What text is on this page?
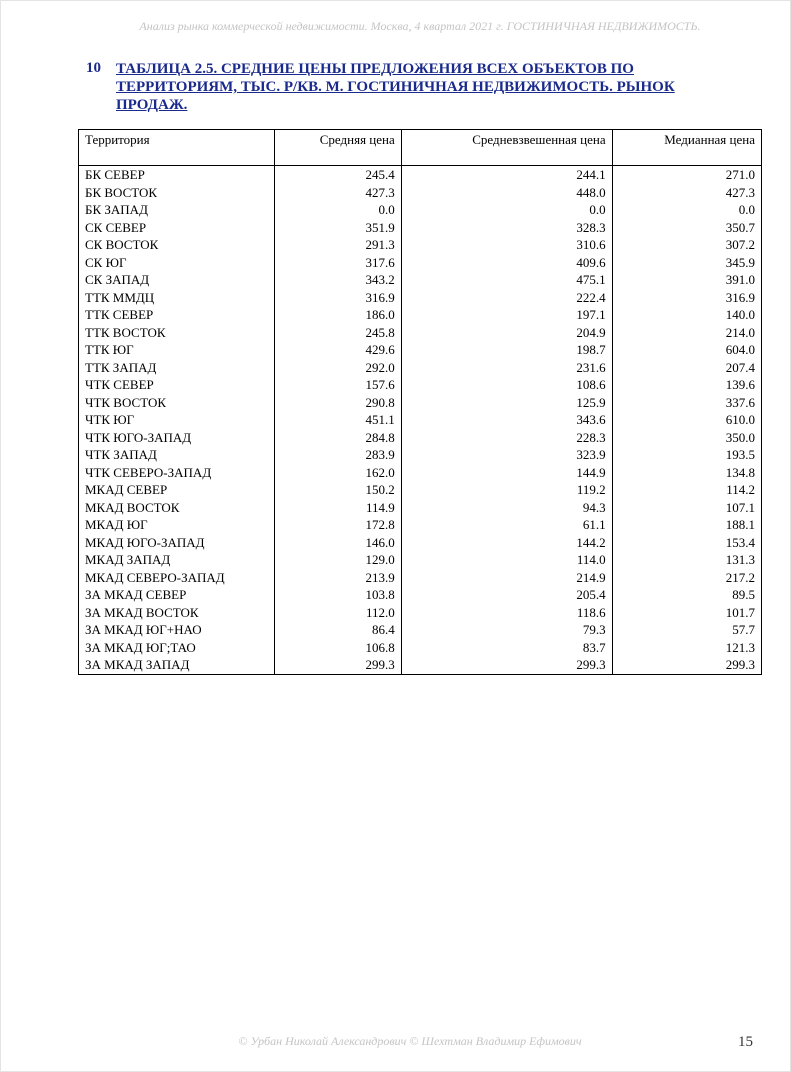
Анализ рынка коммерческой недвижимости. Москва, 4 квартал 2021 г. ГОСТИНИЧНАЯ НЕДВИЖИМОСТЬ.
10 ТАБЛИЦА 2.5. СРЕДНИЕ ЦЕНЫ ПРЕДЛОЖЕНИЯ ВСЕХ ОБЪЕКТОВ ПО ТЕРРИТОРИЯМ, ТЫС. Р/КВ. М. ГОСТИНИЧНАЯ НЕДВИЖИМОСТЬ. РЫНОК ПРОДАЖ.
Территория	Средняя цена	Средневзвешенная цена	Медианная цена
БК СЕВЕР	245.4	244.1	271.0
БК ВОСТОК	427.3	448.0	427.3
БК ЗАПАД	0.0	0.0	0.0
СК СЕВЕР	351.9	328.3	350.7
СК ВОСТОК	291.3	310.6	307.2
СК ЮГ	317.6	409.6	345.9
СК ЗАПАД	343.2	475.1	391.0
ТТК ММДЦ	316.9	222.4	316.9
ТТК СЕВЕР	186.0	197.1	140.0
ТТК ВОСТОК	245.8	204.9	214.0
ТТК ЮГ	429.6	198.7	604.0
ТТК ЗАПАД	292.0	231.6	207.4
ЧТК СЕВЕР	157.6	108.6	139.6
ЧТК ВОСТОК	290.8	125.9	337.6
ЧТК ЮГ	451.1	343.6	610.0
ЧТК ЮГО-ЗАПАД	284.8	228.3	350.0
ЧТК ЗАПАД	283.9	323.9	193.5
ЧТК СЕВЕРО-ЗАПАД	162.0	144.9	134.8
МКАД СЕВЕР	150.2	119.2	114.2
МКАД ВОСТОК	114.9	94.3	107.1
МКАД ЮГ	172.8	61.1	188.1
МКАД ЮГО-ЗАПАД	146.0	144.2	153.4
МКАД ЗАПАД	129.0	114.0	131.3
МКАД СЕВЕРО-ЗАПАД	213.9	214.9	217.2
ЗА МКАД СЕВЕР	103.8	205.4	89.5
ЗА МКАД ВОСТОК	112.0	118.6	101.7
ЗА МКАД ЮГ+НАО	86.4	79.3	57.7
ЗА МКАД ЮГ;ТАО	106.8	83.7	121.3
ЗА МКАД ЗАПАД	299.3	299.3	299.3
© Урбан Николай Александрович © Шехтман Владимир Ефимович	15
